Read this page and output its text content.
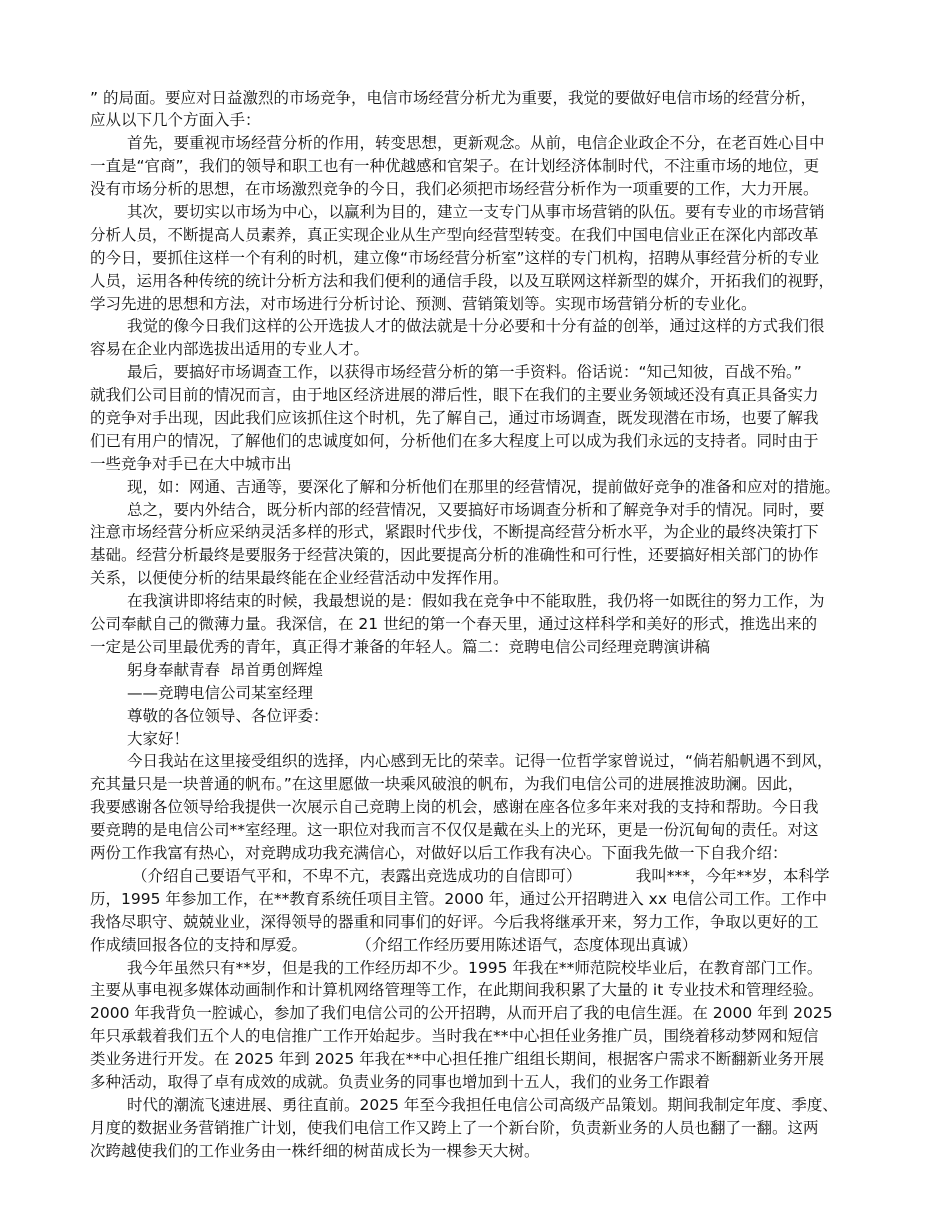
” 的局面。要应对日益激烈的市场竞争，电信市场经营分析尤为重要，我觉的要做好电信市场的经营分析，
应从以下几个方面入手：
首先，要重视市场经营分析的作用，转变思想，更新观念。从前，电信企业政企不分，在老百姓心目中
一直是“官商”，我们的领导和职工也有一种优越感和官架子。在计划经济体制时代，不注重市场的地位，更
没有市场分析的思想，在市场激烈竞争的今日，我们必须把市场经营分析作为一项重要的工作，大力开展。
其次，要切实以市场为中心，以赢利为目的，建立一支专门从事市场营销的队伍。要有专业的市场营销
分析人员，不断提高人员素养，真正实现企业从生产型向经营型转变。在我们中国电信业正在深化内部改革
的今日，要抓住这样一个有利的时机，建立像“市场经营分析室”这样的专门机构，招聘从事经营分析的专业
人员，运用各种传统的统计分析方法和我们便利的通信手段，以及互联网这样新型的媒介，开拓我们的视野，
学习先进的思想和方法，对市场进行分析讨论、预测、营销策划等。实现市场营销分析的专业化。
我觉的像今日我们这样的公开选拔人才的做法就是十分必要和十分有益的创举，通过这样的方式我们很
容易在企业内部选拔出适用的专业人才。
最后，要搞好市场调查工作，以获得市场经营分析的第一手资料。俗话说：“知己知彼，百战不殆。”
就我们公司目前的情况而言，由于地区经济进展的滞后性，眼下在我们的主要业务领域还没有真正具备实力
的竞争对手出现，因此我们应该抓住这个时机，先了解自己，通过市场调查，既发现潜在市场，也要了解我
们已有用户的情况，了解他们的忠诚度如何，分析他们在多大程度上可以成为我们永远的支持者。同时由于
一些竞争对手已在大中城市出
现，如：网通、吉通等，要深化了解和分析他们在那里的经营情况，提前做好竞争的准备和应对的措施。
总之，要内外结合，既分析内部的经营情况，又要搞好市场调查分析和了解竞争对手的情况。同时，要
注意市场经营分析应采纳灵活多样的形式，紧跟时代步伐，不断提高经营分析水平，为企业的最终决策打下
基础。经营分析最终是要服务于经营决策的，因此要提高分析的准确性和可行性，还要搞好相关部门的协作
关系，以便使分析的结果最终能在企业经营活动中发挥作用。
在我演讲即将结束的时候，我最想说的是：假如我在竞争中不能取胜，我仍将一如既往的努力工作，为
公司奉献自己的微薄力量。我深信，在 21 世纪的第一个春天里，通过这样科学和美好的形式，推选出来的
一定是公司里最优秀的青年，真正得才兼备的年轻人。篇二：竞聘电信公司经理竞聘演讲稿
躬身奉献青春  昂首勇创辉煌
——竞聘电信公司某室经理
尊敬的各位领导、各位评委：
大家好！
今日我站在这里接受组织的选择，内心感到无比的荣幸。记得一位哲学家曾说过，“倘若船帆遇不到风，
充其量只是一块普通的帆布。”在这里愿做一块乘风破浪的帆布，为我们电信公司的进展推波助澜。因此，
我要感谢各位领导给我提供一次展示自己竞聘上岗的机会，感谢在座各位多年来对我的支持和帮助。今日我
要竞聘的是电信公司**室经理。这一职位对我而言不仅仅是戴在头上的光环，更是一份沉甸甸的责任。对这
两份工作我富有热心，对竞聘成功我充满信心，对做好以后工作我有决心。下面我先做一下自我介绍：
（介绍自己要语气平和，不卑不亢，表露出竞选成功的自信即可）           我叫***，今年**岁，本科学
历，1995 年参加工作，在**教育系统任项目主管。2000 年，通过公开招聘进入 xx 电信公司工作。工作中
我恪尽职守、兢兢业业，深得领导的器重和同事们的好评。今后我将继承开来，努力工作，争取以更好的工
作成绩回报各位的支持和厚爱。          （介绍工作经历要用陈述语气，态度体现出真诚）
我今年虽然只有**岁，但是我的工作经历却不少。1995 年我在**师范院校毕业后，在教育部门工作。
主要从事电视多媒体动画制作和计算机网络管理等工作，在此期间我积累了大量的 it 专业技术和管理经验。
2000 年我背负一腔诚心，参加了我们电信公司的公开招聘，从而开启了我的电信生涯。在 2000 年到 2025
年只承载着我们五个人的电信推广工作开始起步。当时我在**中心担任业务推广员，围绕着移动梦网和短信
类业务进行开发。在 2025 年到 2025 年我在**中心担任推广组组长期间，根据客户需求不断翻新业务开展
多种活动，取得了卓有成效的成就。负责业务的同事也增加到十五人，我们的业务工作跟着
时代的潮流飞速进展、勇往直前。2025 年至今我担任电信公司高级产品策划。期间我制定年度、季度、
月度的数据业务营销推广计划，使我们电信工作又跨上了一个新台阶，负责新业务的人员也翻了一翻。这两
次跨越使我们的工作业务由一株纤细的树苗成长为一棵参天大树。
